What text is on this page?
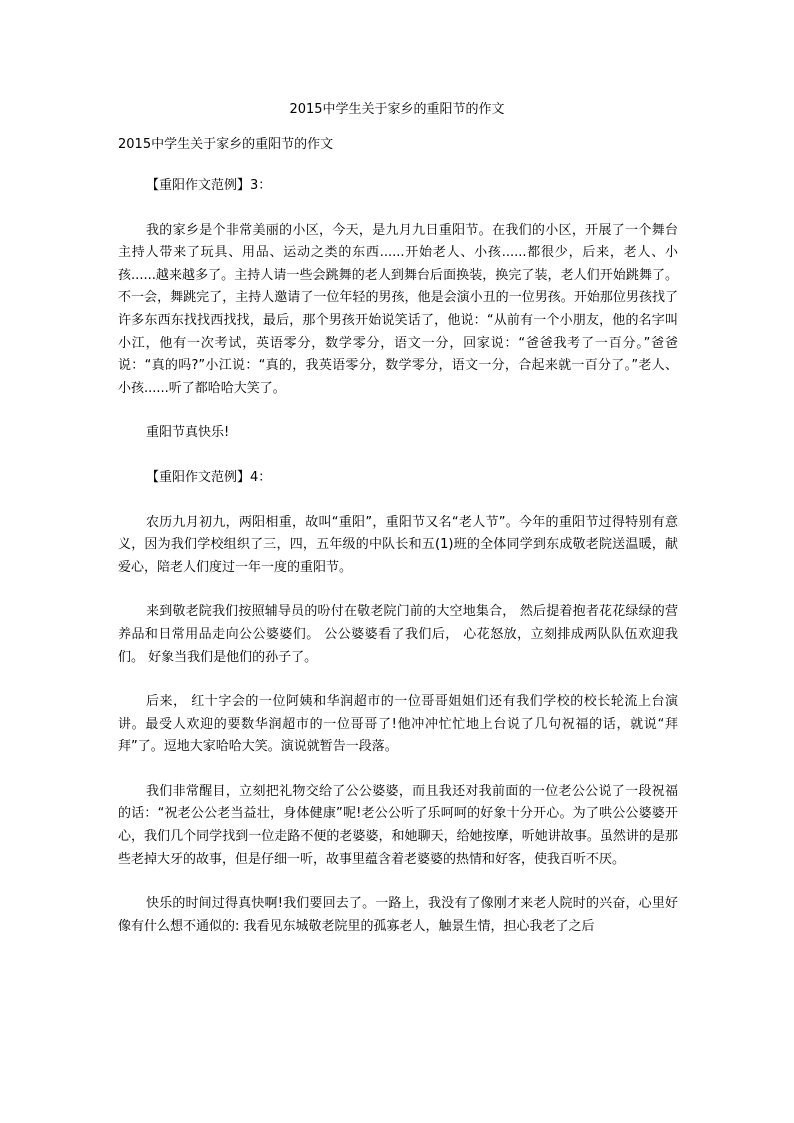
2015中学生关于家乡的重阳节的作文
2015中学生关于家乡的重阳节的作文

【重阳作文范例】3：

我的家乡是个非常美丽的小区，今天，是九月九日重阳节。在我们的小区，开展了一个舞台主持人带来了玩具、用品、运动之类的东西......开始老人、小孩......都很少，后来，老人、小孩......越来越多了。主持人请一些会跳舞的老人到舞台后面换装，换完了装，老人们开始跳舞了。不一会，舞跳完了，主持人邀请了一位年轻的男孩，他是会演小丑的一位男孩。开始那位男孩找了许多东西东找找西找找，最后，那个男孩开始说笑话了，他说：“从前有一个小朋友，他的名字叫小江，他有一次考试，英语零分，数学零分，语文一分，回家说：“爸爸我考了一百分。”爸爸说：“真的吗?”小江说：“真的，我英语零分，数学零分，语文一分，合起来就一百分了。”老人、小孩......听了都哈哈大笑了。

重阳节真快乐!

【重阳作文范例】4：

农历九月初九，两阳相重，故叫“重阳”，重阳节又名“老人节”。今年的重阳节过得特别有意义，因为我们学校组织了三，四，五年级的中队长和五(1)班的全体同学到东成敬老院送温暖，献爱心，陪老人们度过一年一度的重阳节。

来到敬老院我们按照辅导员的吩付在敬老院门前的大空地集合， 然后提着抱者花花绿绿的营养品和日常用品走向公公婆婆们。 公公婆婆看了我们后， 心花怒放，立刻排成两队队伍欢迎我们。 好象当我们是他们的孙子了。

后来， 红十字会的一位阿姨和华润超市的一位哥哥姐姐们还有我们学校的校长轮流上台演讲。最受人欢迎的要数华润超市的一位哥哥了!他冲冲忙忙地上台说了几句祝福的话，就说“拜拜”了。逗地大家哈哈大笑。演说就暂告一段落。

我们非常醒目，立刻把礼物交给了公公婆婆，而且我还对我前面的一位老公公说了一段祝福的话：“祝老公公老当益壮，身体健康”呢!老公公听了乐呵呵的好象十分开心。为了哄公公婆婆开心，我们几个同学找到一位走路不便的老婆婆，和她聊天，给她按摩，听她讲故事。虽然讲的是那些老掉大牙的故事，但是仔细一听，故事里蕴含着老婆婆的热情和好客，使我百听不厌。

快乐的时间过得真快啊!我们要回去了。一路上，我没有了像刚才来老人院时的兴奋，心里好像有什么想不通似的: 我看见东城敬老院里的孤寡老人，触景生情，担心我老了之后
